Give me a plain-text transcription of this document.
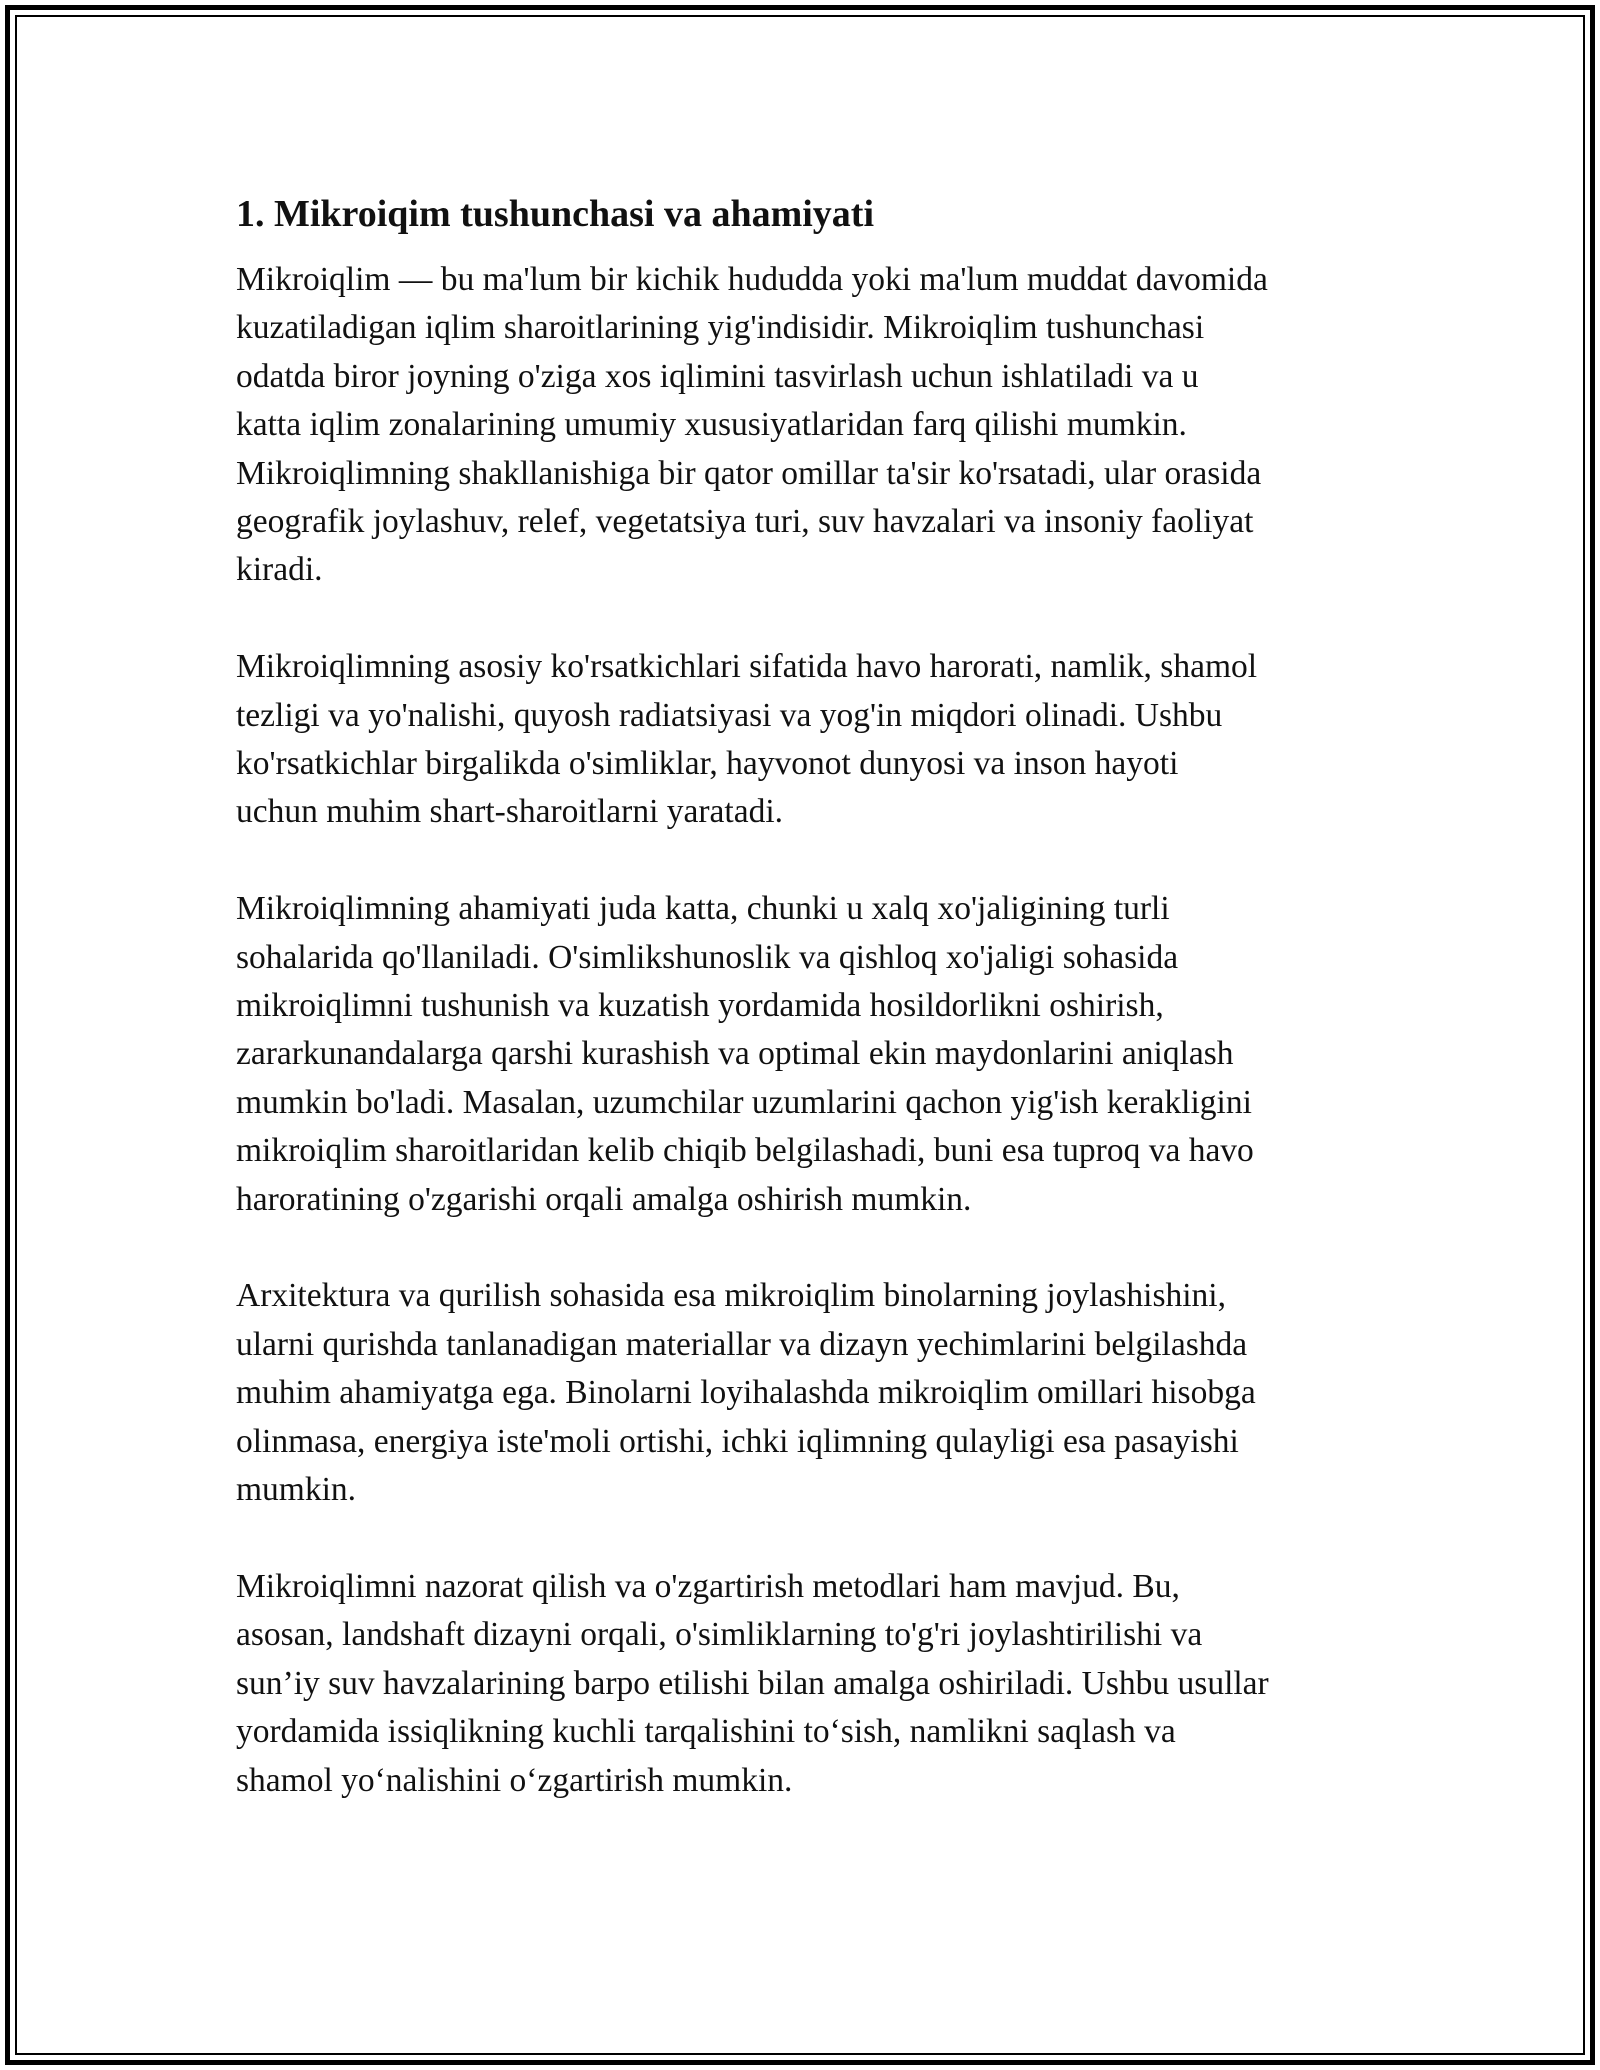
1. Mikroiqim tushunchasi va ahamiyati

Mikroiqlim — bu ma'lum bir kichik hududda yoki ma'lum muddat davomida
kuzatiladigan iqlim sharoitlarining yig'indisidir. Mikroiqlim tushunchasi
odatda biror joyning o'ziga xos iqlimini tasvirlash uchun ishlatiladi va u
katta iqlim zonalarining umumiy xususiyatlaridan farq qilishi mumkin.
Mikroiqlimning shakllanishiga bir qator omillar ta'sir ko'rsatadi, ular orasida
geografik joylashuv, relef, vegetatsiya turi, suv havzalari va insoniy faoliyat
kiradi.

Mikroiqlimning asosiy ko'rsatkichlari sifatida havo harorati, namlik, shamol
tezligi va yo'nalishi, quyosh radiatsiyasi va yog'in miqdori olinadi. Ushbu
ko'rsatkichlar birgalikda o'simliklar, hayvonot dunyosi va inson hayoti
uchun muhim shart-sharoitlarni yaratadi.

Mikroiqlimning ahamiyati juda katta, chunki u xalq xo'jaligining turli
sohalarida qo'llaniladi. O'simlikshunoslik va qishloq xo'jaligi sohasida
mikroiqlimni tushunish va kuzatish yordamida hosildorlikni oshirish,
zararkunandalarga qarshi kurashish va optimal ekin maydonlarini aniqlash
mumkin bo'ladi. Masalan, uzumchilar uzumlarini qachon yig'ish kerakligini
mikroiqlim sharoitlaridan kelib chiqib belgilashadi, buni esa tuproq va havo
haroratining o'zgarishi orqali amalga oshirish mumkin.

Arxitektura va qurilish sohasida esa mikroiqlim binolarning joylashishini,
ularni qurishda tanlanadigan materiallar va dizayn yechimlarini belgilashda
muhim ahamiyatga ega. Binolarni loyihalashda mikroiqlim omillari hisobga
olinmasa, energiya iste'moli ortishi, ichki iqlimning qulayligi esa pasayishi
mumkin.

Mikroiqlimni nazorat qilish va o'zgartirish metodlari ham mavjud. Bu,
asosan, landshaft dizayni orqali, o'simliklarning to'g'ri joylashtirilishi va
sun’iy suv havzalarining barpo etilishi bilan amalga oshiriladi. Ushbu usullar
yordamida issiqlikning kuchli tarqalishini to‘sish, namlikni saqlash va
shamol yo‘nalishini o‘zgartirish mumkin.
